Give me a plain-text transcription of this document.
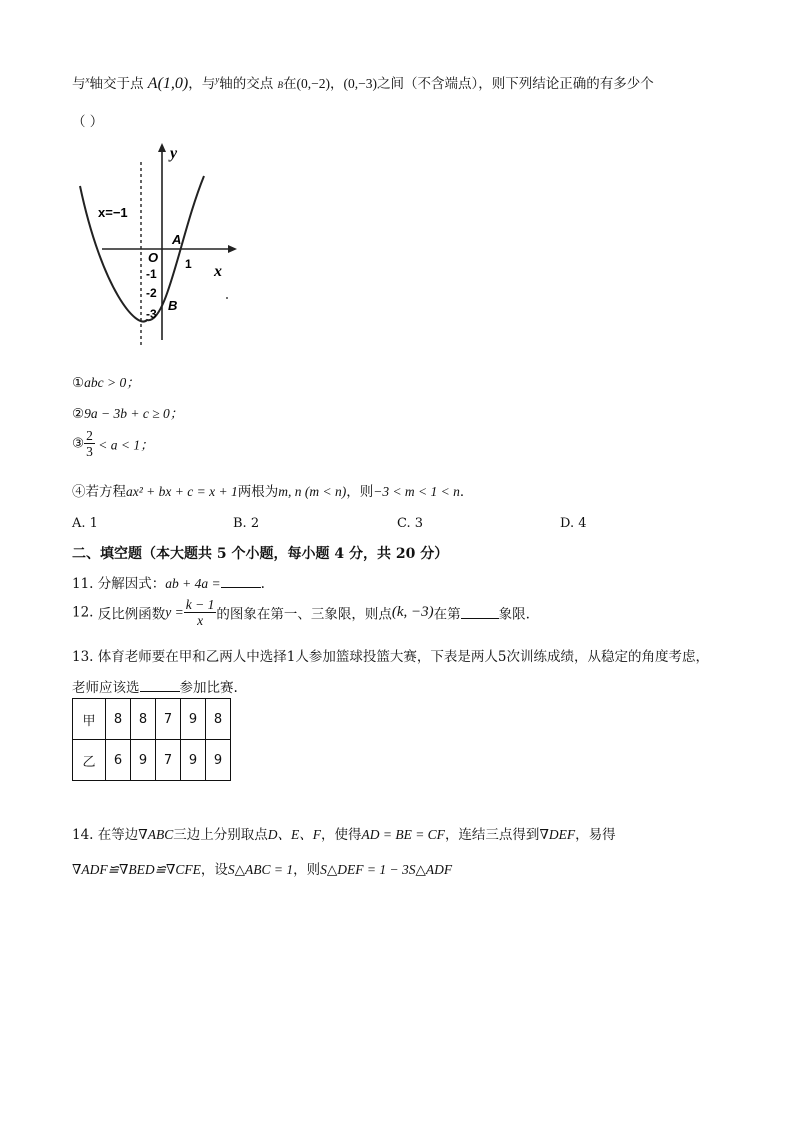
与$^x$轴交于点 A(1,0)，与$^y$轴的交点 B在(0,−2)，(0,−3)之间（不含端点），则下列结论正确的有多少个
（ ）
y
x
x=−1
O 1
-1
-2
-3
A
B
①abc > 0；
②9a − 3b + c ≥ 0；
③ $\frac{2}{3} < a < 1$；
④若方程ax² + bx + c = x + 1两根为m, n (m < n)，则−3 < m < 1 < n．
A. 1	B. 2	C. 3	D. 4
二、填空题（本大题共 5 个小题，每小题 4 分，共 20 分）
11. 分解因式：ab + 4a =	.
12. 反比例函数$y = \frac{k - 1}{x}$ 的图象在第一、三象限，则点(k, −3)在第	象限.
13. 体育老师要在甲和乙两人中选择1人参加篮球投篮大赛，下表是两人5次训练成绩，从稳定的角度考虑，
老师应该选	参加比赛.
甲	8	8	7	9	8
乙	6	9	7	9	9
14. 在等边∇ABC三边上分别取点D、E、F，使得AD = BE = CF，连结三点得到∇DEF，易得
∇ADF≌∇BED≌∇CFE，设S△ABC = 1，则S△DEF = 1 − 3S△ADF
